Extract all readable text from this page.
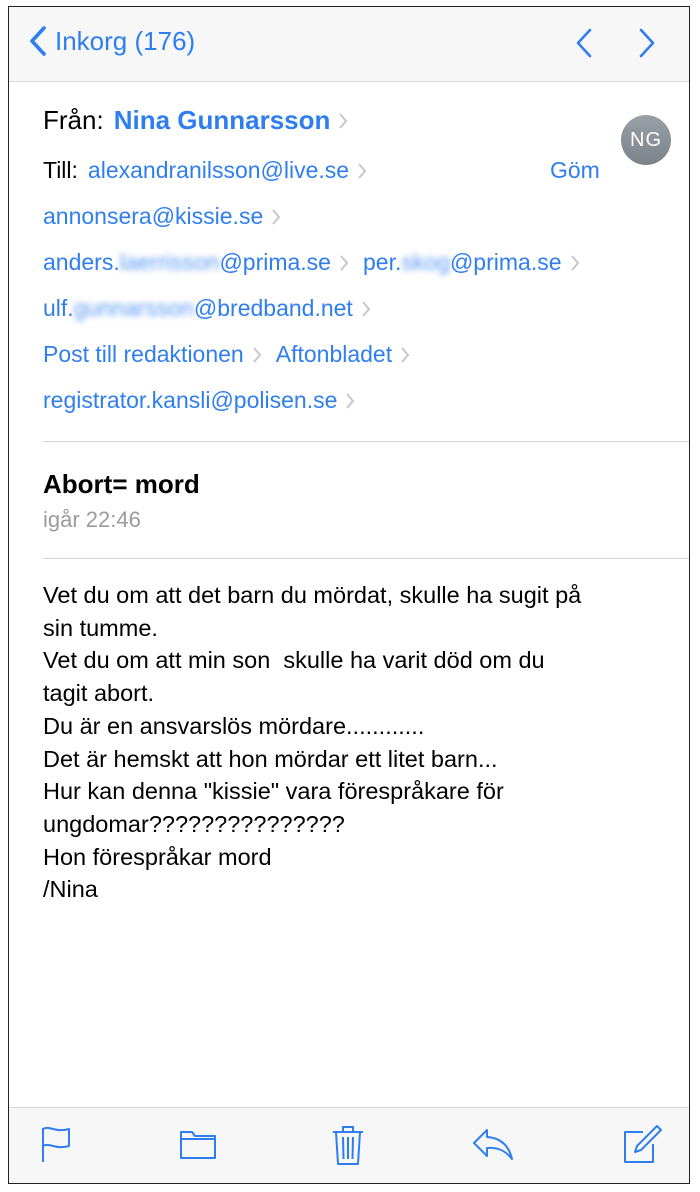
Inkorg (176)
Från: Nina Gunnarsson
NG
Till: alexandranilsson@live.se	Göm
annonsera@kissie.se
anders.laerrisson@prima.se per.skog@prima.se
ulf.gunnarsson@bredband.net
Post till redaktionen Aftonbladet
registrator.kansli@polisen.se
Abort= mord
igår 22:46
Vet du om att det barn du mördat, skulle ha sugit på
sin tumme.
Vet du om att min son  skulle ha varit död om du
tagit abort.
Du är en ansvarslös mördare............
Det är hemskt att hon mördar ett litet barn...
Hur kan denna "kissie" vara förespråkare för
ungdomar???????????????
Hon förespråkar mord
/Nina
